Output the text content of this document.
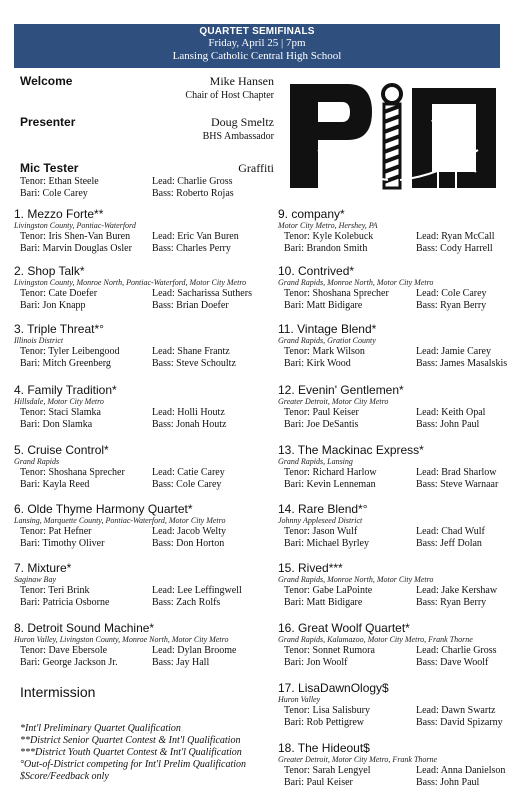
QUARTET SEMIFINALS
Friday, April 25 | 7pm
Lansing Catholic Central High School
Welcome	Mike Hansen
Chair of Host Chapter
Presenter	Doug Smeltz
BHS Ambassador
Mic Tester	Graffiti
Tenor: Ethan Steele	Lead: Charlie Gross
Bari: Cole Carey	Bass: Roberto Rojas
1. Mezzo Forte**
Livingston County, Pontiac-Waterford
Tenor: Iris Shen-Van Buren Lead: Eric Van Buren
Bari: Marvin Douglas Osler Bass: Charles Perry
2. Shop Talk*
Livingston County, Monroe North, Pontiac-Waterford, Motor City Metro
Tenor: Cate Doefer	Lead: Sacharissa Suthers
Bari: Jon Knapp	Bass: Brian Doefer
3. Triple Threat*°
Illinois District
Tenor: Tyler Leibengood	Lead: Shane Frantz
Bari: Mitch Greenberg	Bass: Steve Schoultz
4. Family Tradition*
Hillsdale, Motor City Metro
Tenor: Staci Slamka	Lead: Holli Houtz
Bari: Don Slamka	Bass: Jonah Houtz
5. Cruise Control*
Grand Rapids
Tenor: Shoshana Sprecher	Lead: Catie Carey
Bari: Kayla Reed	Bass: Cole Carey
6. Olde Thyme Harmony Quartet*
Lansing, Marquette County, Pontiac-Waterford, Motor City Metro
Tenor: Pat Hefner	Lead: Jacob Welty
Bari: Timothy Oliver	Bass: Don Horton
7. Mixture*
Saginaw Bay
Tenor: Teri Brink	Lead: Lee Leffingwell
Bari: Patricia Osborne	Bass: Zach Rolfs
8. Detroit Sound Machine*
Huron Valley, Livingston County, Monroe North, Motor City Metro
Tenor: Dave Ebersole	Lead: Dylan Broome
Bari: George Jackson Jr.	Bass: Jay Hall
9. company*
Motor City Metro, Hershey, PA
Tenor: Kyle Kolebuck	Lead: Ryan McCall
Bari: Brandon Smith	Bass: Cody Harrell
10. Contrived*
Grand Rapids, Monroe North, Motor City Metro
Tenor: Shoshana Sprecher	Lead: Cole Carey
Bari: Matt Bidigare	Bass: Ryan Berry
11. Vintage Blend*
Grand Rapids, Gratiot County
Tenor: Mark Wilson	Lead: Jamie Carey
Bari: Kirk Wood	Bass: James Masalskis
12. Evenin' Gentlemen*
Greater Detroit, Motor City Metro
Tenor: Paul Keiser	Lead: Keith Opal
Bari: Joe DeSantis	Bass: John Paul
13. The Mackinac Express*
Grand Rapids, Lansing
Tenor: Richard Harlow	Lead: Brad Sharlow
Bari: Kevin Lenneman	Bass: Steve Warnaar
14. Rare Blend*°
Johnny Appleseed District
Tenor: Jason Wulf	Lead: Chad Wulf
Bari: Michael Byrley	Bass: Jeff Dolan
15. Rived***
Grand Rapids, Monroe North, Motor City Metro
Tenor: Gabe LaPointe	Lead: Jake Kershaw
Bari: Matt Bidigare	Bass: Ryan Berry
16. Great Woolf Quartet*
Grand Rapids, Kalamazoo, Motor City Metro, Frank Thorne
Tenor: Sonnet Rumora	Lead: Charlie Gross
Bari: Jon Woolf	Bass: Dave Woolf
17. LisaDawnOlogy$
Huron Valley
Tenor: Lisa Salisbury	Lead: Dawn Swartz
Bari: Rob Pettigrew	Bass: David Spizarny
18. The Hideout$
Greater Detroit, Motor City Metro, Frank Thorne
Tenor: Sarah Lengyel	Lead: Anna Danielson
Bari: Paul Keiser	Bass: John Paul
Intermission
*Int'l Preliminary Quartet Qualification
**District Senior Quartet Contest & Int'l Qualification
***District Youth Quartet Contest & Int'l Qualification
°Out-of-District competing for Int'l Prelim Qualification
$Score/Feedback only
